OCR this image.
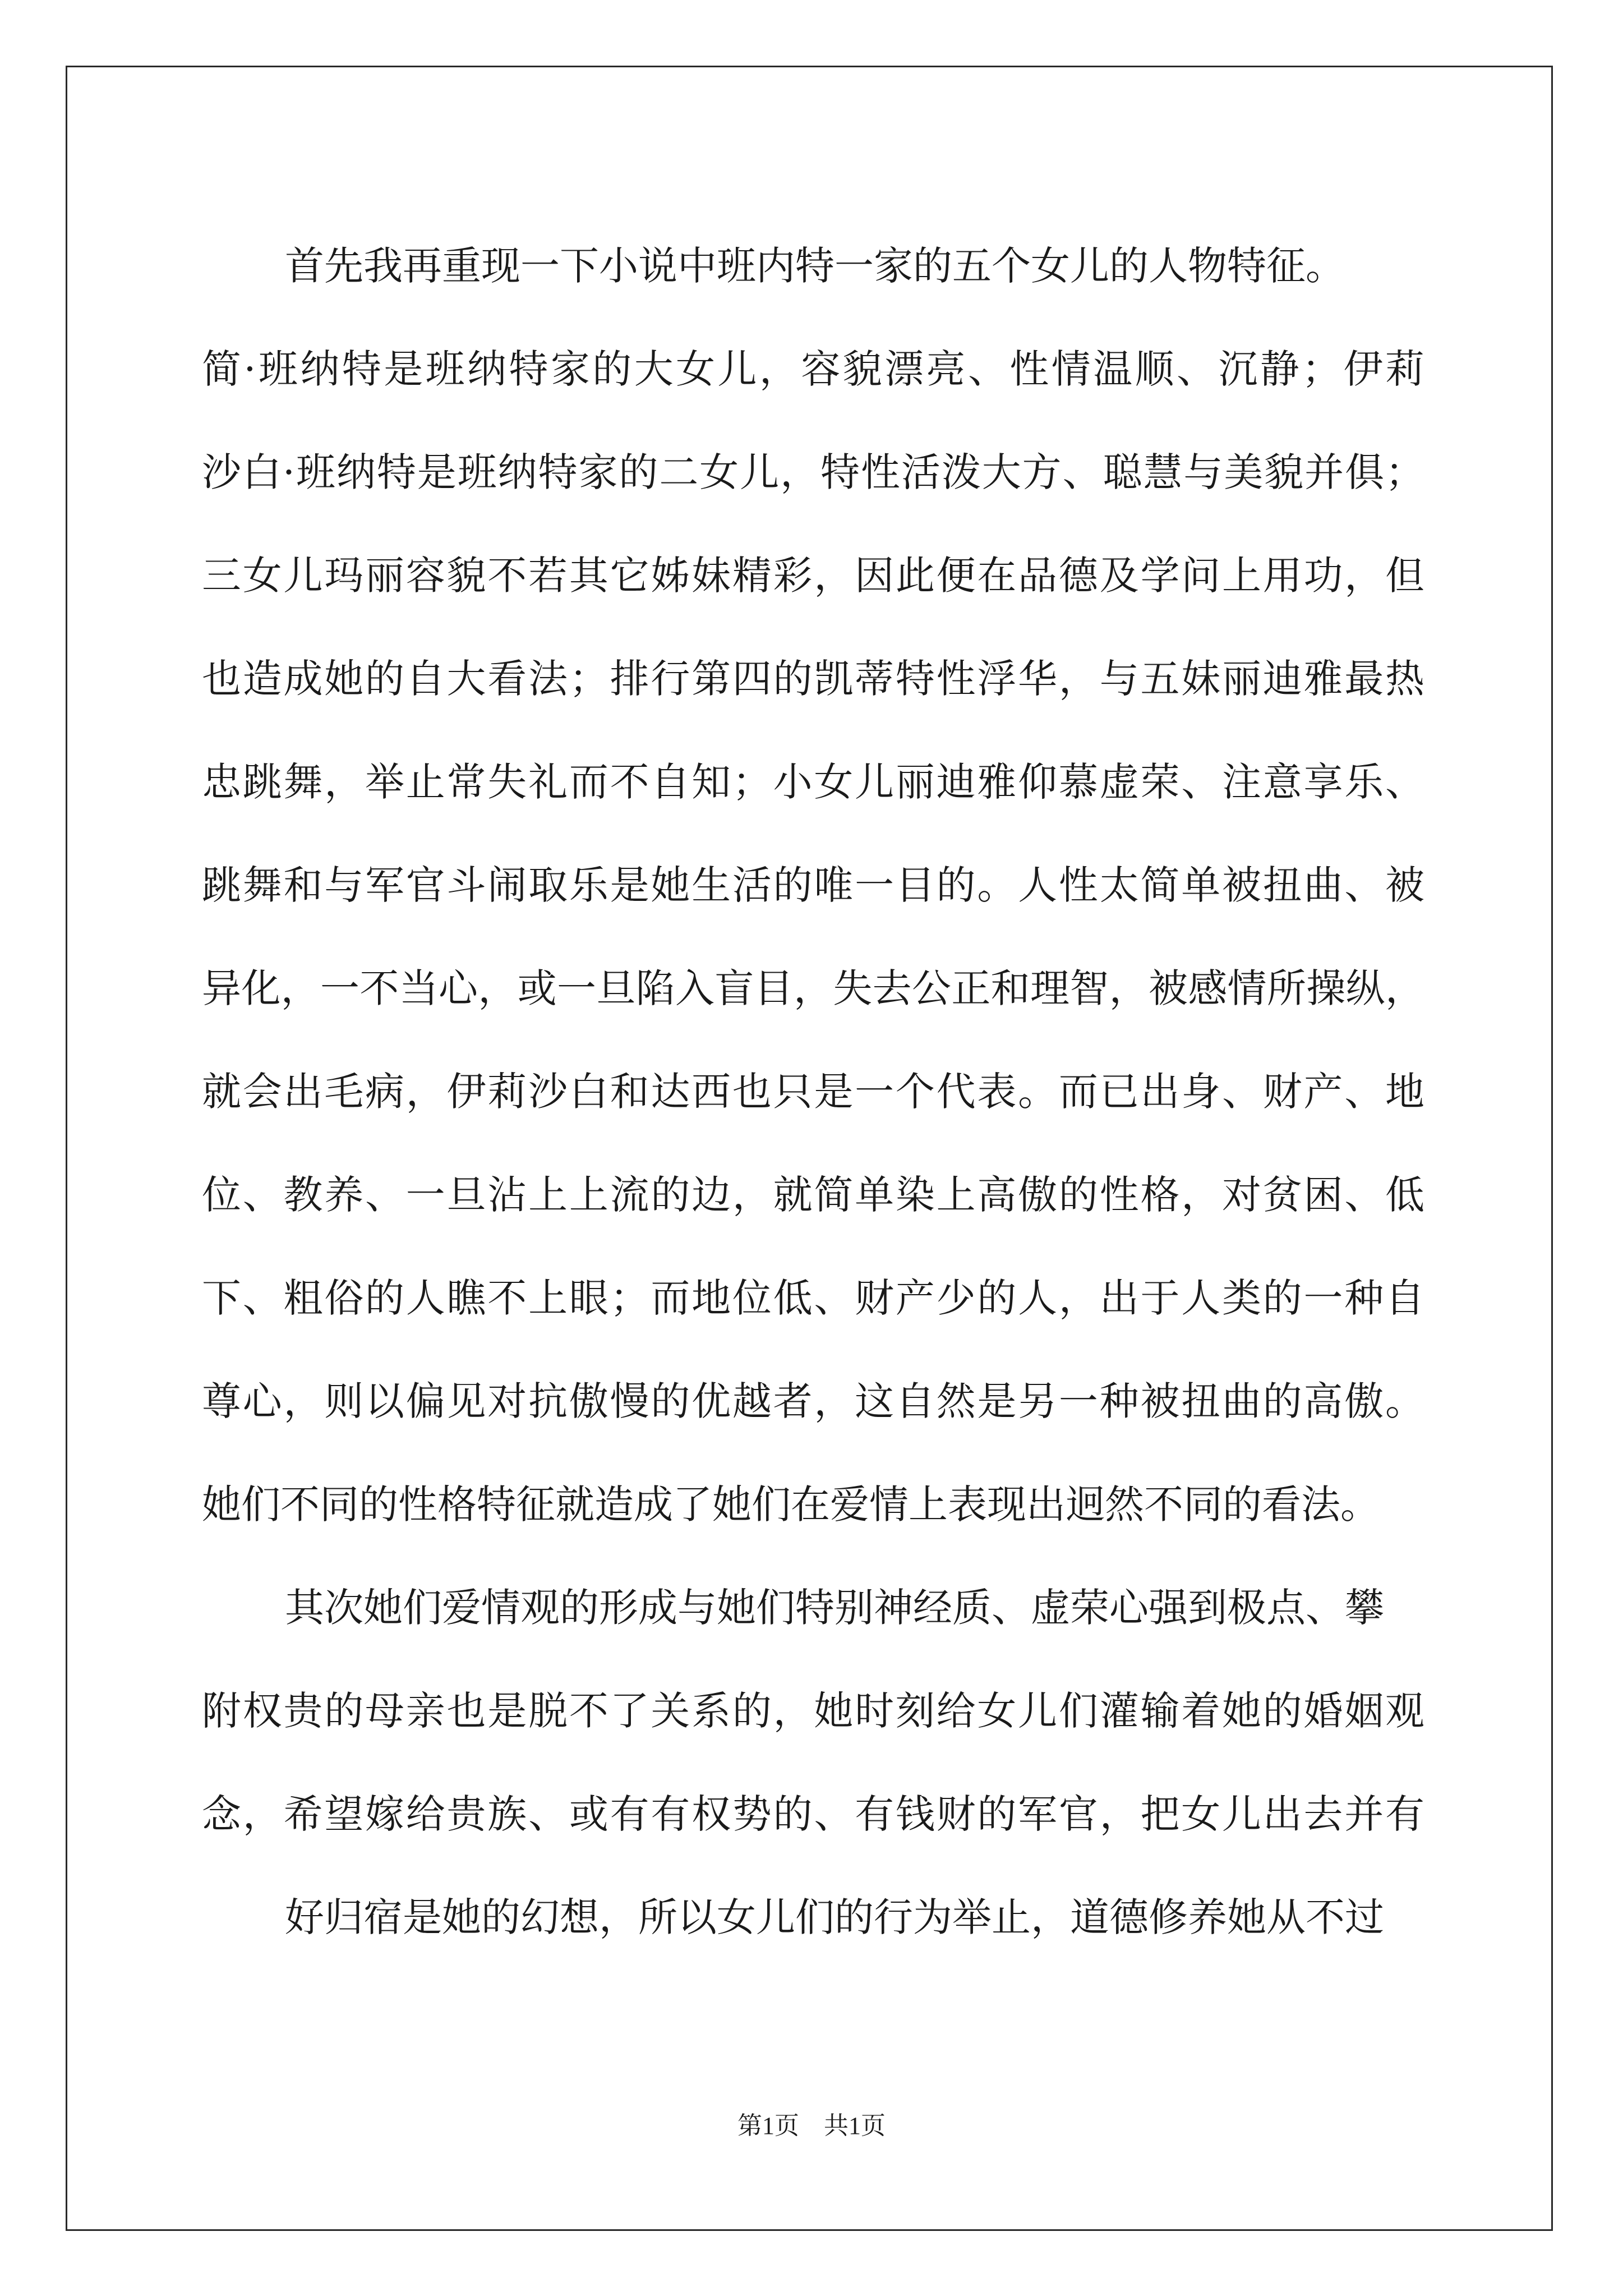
首先我再重现一下小说中班内特一家的五个女儿的人物特征。
简·班纳特是班纳特家的大女儿，容貌漂亮、性情温顺、沉静；伊莉
沙白·班纳特是班纳特家的二女儿，特性活泼大方、聪慧与美貌并俱；
三女儿玛丽容貌不若其它姊妹精彩，因此便在品德及学问上用功，但
也造成她的自大看法；排行第四的凯蒂特性浮华，与五妹丽迪雅最热
忠跳舞，举止常失礼而不自知；小女儿丽迪雅仰慕虚荣、注意享乐、
跳舞和与军官斗闹取乐是她生活的唯一目的。人性太简单被扭曲、被
异化，一不当心，或一旦陷入盲目，失去公正和理智，被感情所操纵，
就会出毛病，伊莉沙白和达西也只是一个代表。而已出身、财产、地
位、教养、一旦沾上上流的边，就简单染上高傲的性格，对贫困、低
下、粗俗的人瞧不上眼；而地位低、财产少的人，出于人类的一种自
尊心，则以偏见对抗傲慢的优越者，这自然是另一种被扭曲的高傲。
她们不同的性格特征就造成了她们在爱情上表现出迥然不同的看法。
其次她们爱情观的形成与她们特别神经质、虚荣心强到极点、攀
附权贵的母亲也是脱不了关系的，她时刻给女儿们灌输着她的婚姻观
念，希望嫁给贵族、或有有权势的、有钱财的军官，把女儿出去并有
好归宿是她的幻想，所以女儿们的行为举止，道德修养她从不过
第1页 共1页
